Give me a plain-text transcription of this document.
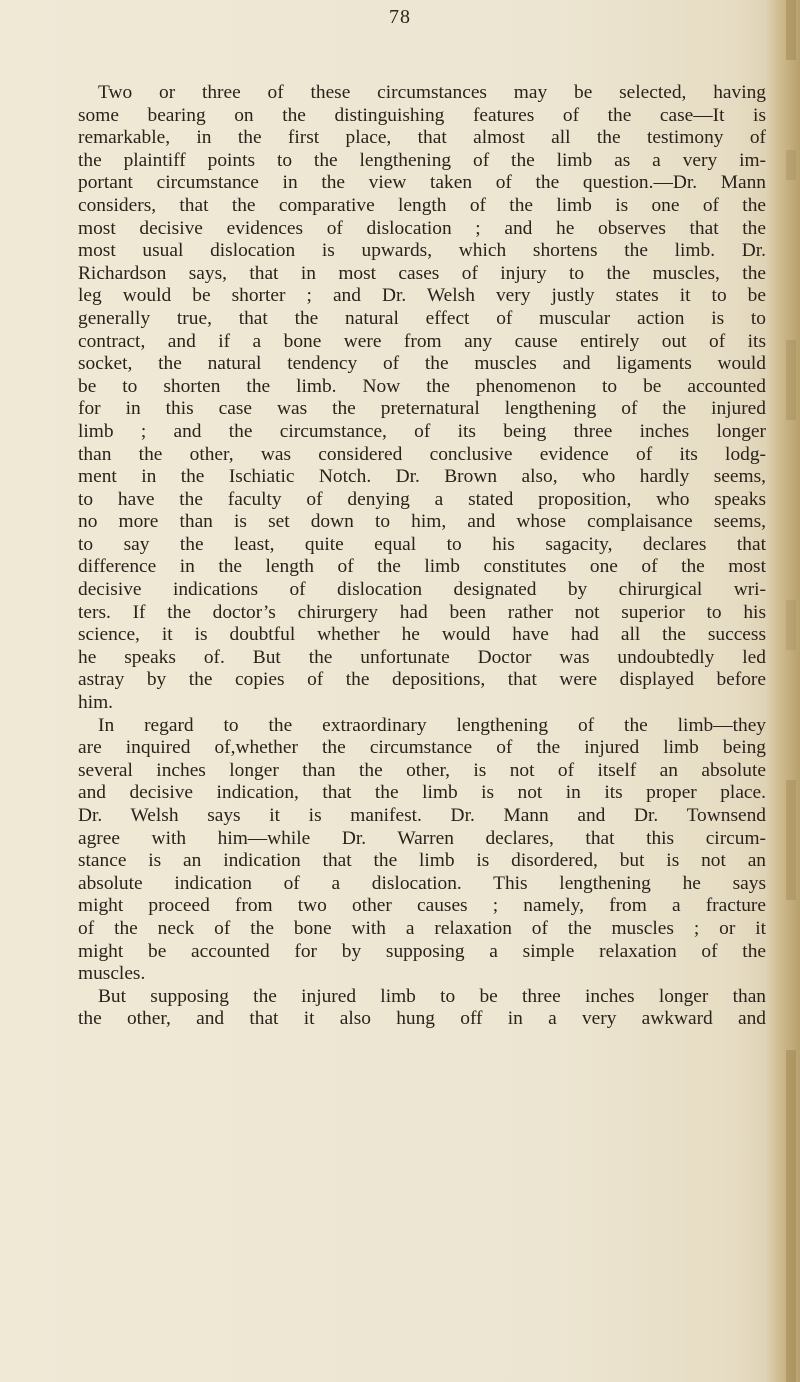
78
Two or three of these circumstances may be selected, having
some bearing on the distinguishing features of the case—It is
remarkable, in the first place, that almost all the testimony of
the plaintiff points to the lengthening of the limb as a very im-
portant circumstance in the view taken of the question.—Dr. Mann
considers, that the comparative length of the limb is one of the
most decisive evidences of dislocation ; and he observes that the
most usual dislocation is upwards, which shortens the limb. Dr.
Richardson says, that in most cases of injury to the muscles, the
leg would be shorter ; and Dr. Welsh very justly states it to be
generally true, that the natural effect of muscular action is to
contract, and if a bone were from any cause entirely out of its
socket, the natural tendency of the muscles and ligaments would
be to shorten the limb. Now the phenomenon to be accounted
for in this case was the preternatural lengthening of the injured
limb ; and the circumstance, of its being three inches longer
than the other, was considered conclusive evidence of its lodg-
ment in the Ischiatic Notch. Dr. Brown also, who hardly seems,
to have the faculty of denying a stated proposition, who speaks
no more than is set down to him, and whose complaisance seems,
to say the least, quite equal to his sagacity, declares that
difference in the length of the limb constitutes one of the most
decisive indications of dislocation designated by chirurgical wri-
ters. If the doctor’s chirurgery had been rather not superior to his
science, it is doubtful whether he would have had all the success
he speaks of. But the unfortunate Doctor was undoubtedly led
astray by the copies of the depositions, that were displayed before
him.
In regard to the extraordinary lengthening of the limb—they
are inquired of,whether the circumstance of the injured limb being
several inches longer than the other, is not of itself an absolute
and decisive indication, that the limb is not in its proper place.
Dr. Welsh says it is manifest. Dr. Mann and Dr. Townsend
agree with him—while Dr. Warren declares, that this circum-
stance is an indication that the limb is disordered, but is not an
absolute indication of a dislocation. This lengthening he says
might proceed from two other causes ; namely, from a fracture
of the neck of the bone with a relaxation of the muscles ; or it
might be accounted for by supposing a simple relaxation of the
muscles.
But supposing the injured limb to be three inches longer than
the other, and that it also hung off in a very awkward and
